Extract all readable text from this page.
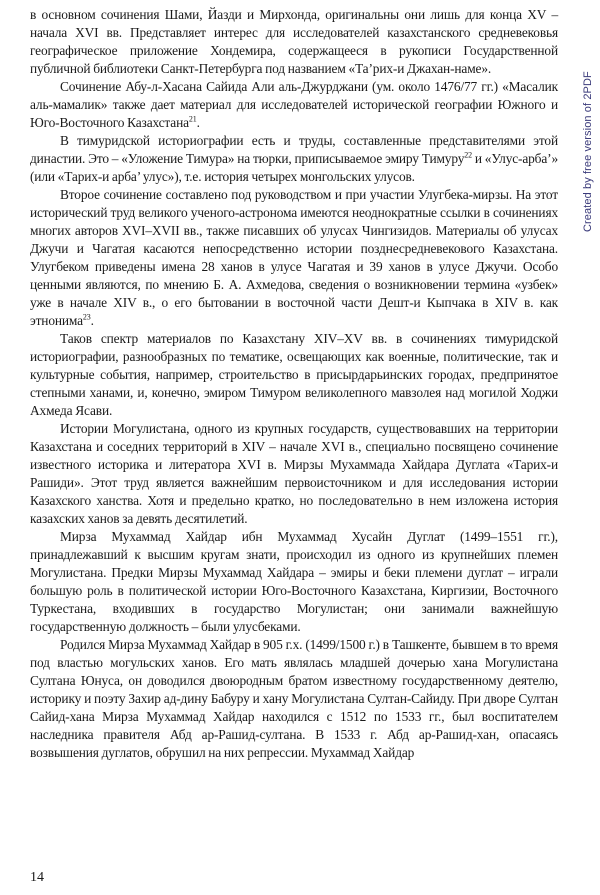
в основном сочинения Шами, Йазди и Мирхонда, оригинальны они лишь для конца XV – начала XVI вв. Представляет интерес для исследователей казахстанского средневековья географическое приложение Хондемира, содержащееся в рукописи Государственной публичной библиотеки Санкт-Петербурга под названием «Та’рих-и Джахан-наме».

Сочинение Абу-л-Хасана Сайида Али аль-Джурджани (ум. около 1476/77 гг.) «Масалик аль-мамалик» также дает материал для исследователей исторической географии Южного и Юго-Восточного Казахстана$^{21}$.

В тимуридской историографии есть и труды, составленные представителями этой династии. Это – «Уложение Тимура» на тюрки, приписываемое эмиру Тимуру$^{22}$ и «Улус-арба’» (или «Тарих-и арба’ улус»), т.е. история четырех монгольских улусов.

Второе сочинение составлено под руководством и при участии Улугбека-мирзы. На этот исторический труд великого ученого-астронома имеются неоднократные ссылки в сочинениях многих авторов XVI–XVII вв., также писавших об улусах Чингизидов. Материалы об улусах Джучи и Чагатая касаются непосредственно истории позднесредневекового Казахстана. Улугбеком приведены имена 28 ханов в улусе Чагатая и 39 ханов в улусе Джучи. Особо ценными являются, по мнению Б. А. Ахмедова, сведения о возникновении термина «узбек» уже в начале XIV в., о его бытовании в восточной части Дешт-и Кыпчака в XIV в. как этнонима$^{23}$.

Таков спектр материалов по Казахстану XIV–XV вв. в сочинениях тимуридской историографии, разнообразных по тематике, освещающих как военные, политические, так и культурные события, например, строительство в присырдарьинских городах, предпринятое степными ханами, и, конечно, эмиром Тимуром великолепного мавзолея над могилой Ходжи Ахмеда Ясави.

Истории Могулистана, одного из крупных государств, существовавших на территории Казахстана и соседних территорий в XIV – начале XVI в., специально посвящено сочинение известного историка и литератора XVI в. Мирзы Мухаммада Хайдара Дуглата «Тарих-и Рашиди». Этот труд является важнейшим первоисточником и для исследования истории Казахского ханства. Хотя и предельно кратко, но последовательно в нем изложена история казахских ханов за девять десятилетий.

Мирза Мухаммад Хайдар ибн Мухаммад Хусайн Дуглат (1499–1551 гг.), принадлежавший к высшим кругам знати, происходил из одного из крупнейших племен Могулистана. Предки Мирзы Мухаммад Хайдара – эмиры и беки племени дуглат – играли большую роль в политической истории Юго-Восточного Казахстана, Киргизии, Восточного Туркестана, входивших в государство Могулистан; они занимали важнейшую государственную должность – были улусбеками.

Родился Мирза Мухаммад Хайдар в 905 г.х. (1499/1500 г.) в Ташкенте, бывшем в то время под властью могульских ханов. Его мать являлась младшей дочерью хана Могулистана Султана Юнуса, он доводился двоюродным братом известному государственному деятелю, историку и поэту Захир ад-дину Бабуру и хану Могулистана Султан-Сайиду. При дворе Султан Сайид-хана Мирза Мухаммад Хайдар находился с 1512 по 1533 гг., был воспитателем наследника правителя Абд ар-Рашид-султана. В 1533 г. Абд ар-Рашид-хан, опасаясь возвышения дуглатов, обрушил на них репрессии. Мухаммад Хайдар

Created by free version of 2PDF
14
